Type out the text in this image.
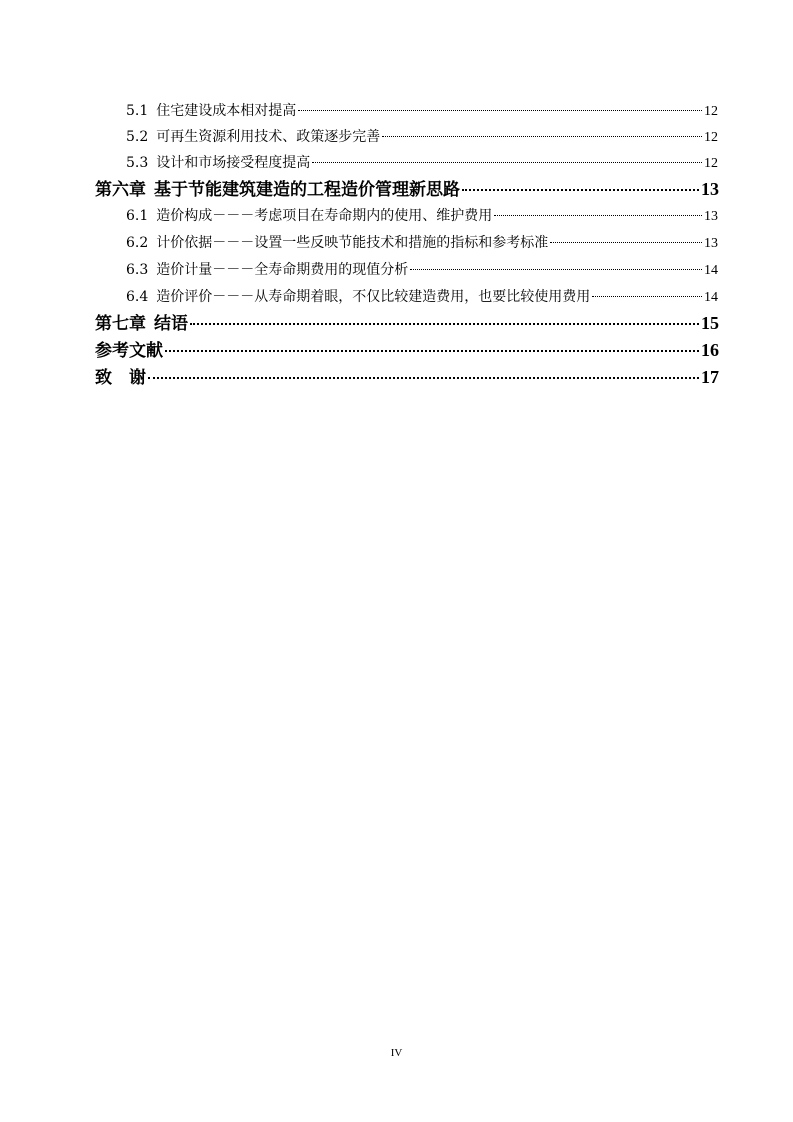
5.1 住宅建设成本相对提高	12
5.2 可再生资源利用技术、政策逐步完善	12
5.3 设计和市场接受程度提高	12
第六章 基于节能建筑建造的工程造价管理新思路	13
6.1 造价构成－－－考虑项目在寿命期内的使用、维护费用	13
6.2 计价依据－－－设置一些反映节能技术和措施的指标和参考标准	13
6.3 造价计量－－－全寿命期费用的现值分析	14
6.4 造价评价－－－从寿命期着眼，不仅比较建造费用，也要比较使用费用	14
第七章 结语	15
参考文献	16
致　谢	17
IV
